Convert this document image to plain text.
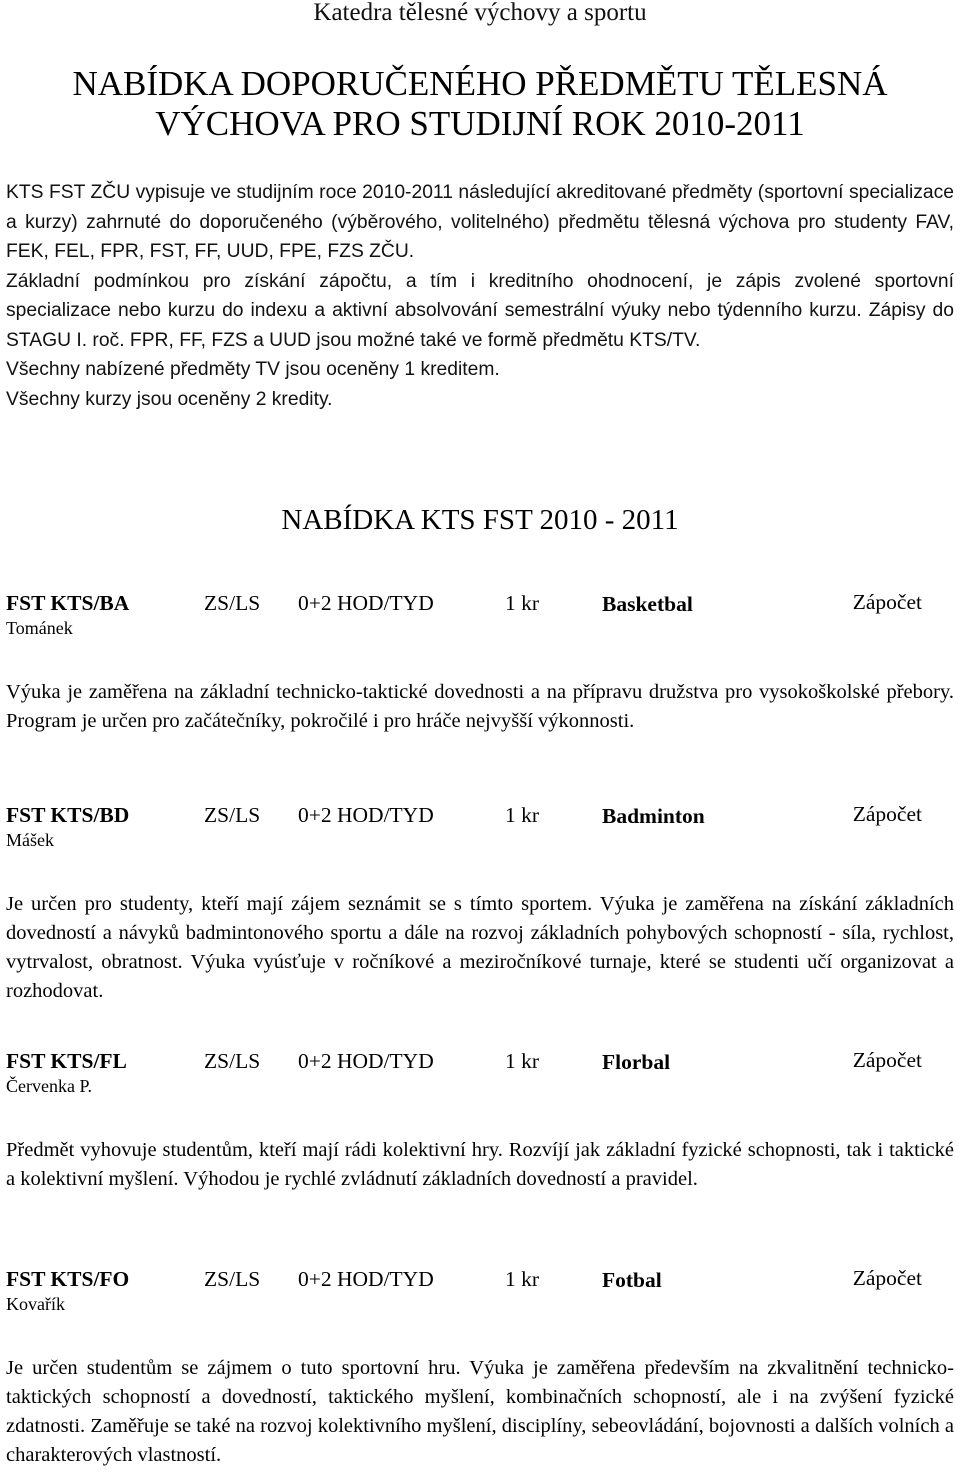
Katedra tělesné výchovy a sportu
NABÍDKA DOPORUČENÉHO PŘEDMĚTU TĚLESNÁ
VÝCHOVA PRO STUDIJNÍ ROK 2010-2011

KTS FST ZČU vypisuje ve studijním roce 2010-2011 následující akreditované předměty (sportovní specializace a kurzy) zahrnuté do doporučeného (výběrového, volitelného) předmětu tělesná výchova pro studenty FAV, FEK, FEL, FPR, FST, FF, UUD, FPE, FZS ZČU.

Základní podmínkou pro získání zápočtu, a tím i kreditního ohodnocení, je zápis zvolené sportovní specializace nebo kurzu do indexu a aktivní absolvování semestrální výuky nebo týdenního kurzu. Zápisy do STAGU I. roč. FPR, FF, FZS a UUD jsou možné také ve formě předmětu KTS/TV.

Všechny nabízené předměty TV jsou oceněny 1 kreditem.

Všechny kurzy jsou oceněny 2 kredity.

NABÍDKA KTS FST 2010 - 2011
FST KTS/BA	ZS/LS 0+2 HOD/TYD	1 kr	Basketbal	Zápočet
Tománek

Výuka je zaměřena na základní technicko-taktické dovednosti a na přípravu družstva pro vysokoškolské přebory. Program je určen pro začátečníky, pokročilé i pro hráče nejvyšší výkonnosti.

FST KTS/BD	ZS/LS 0+2 HOD/TYD	1 kr	Badminton	Zápočet
Mášek

Je určen pro studenty, kteří mají zájem seznámit se s tímto sportem. Výuka je zaměřena na získání základních dovedností a návyků badmintonového sportu a dále na rozvoj základních pohybových schopností - síla, rychlost, vytrvalost, obratnost. Výuka vyúsťuje v ročníkové a meziročníkové turnaje, které se studenti učí organizovat a rozhodovat.

FST KTS/FL	ZS/LS 0+2 HOD/TYD	1 kr	Florbal	Zápočet
Červenka P.

Předmět vyhovuje studentům, kteří mají rádi kolektivní hry. Rozvíjí jak základní fyzické schopnosti, tak i taktické a kolektivní myšlení. Výhodou je rychlé zvládnutí základních dovedností a pravidel.

FST KTS/FO	ZS/LS 0+2 HOD/TYD	1 kr	Fotbal	Zápočet
Kovařík

Je určen studentům se zájmem o tuto sportovní hru. Výuka je zaměřena především na zkvalitnění technicko-taktických schopností a dovedností, taktického myšlení, kombinačních schopností, ale i na zvýšení fyzické zdatnosti. Zaměřuje se také na rozvoj kolektivního myšlení, disciplíny, sebeovládání, bojovnosti a dalších volních a charakterových vlastností.
